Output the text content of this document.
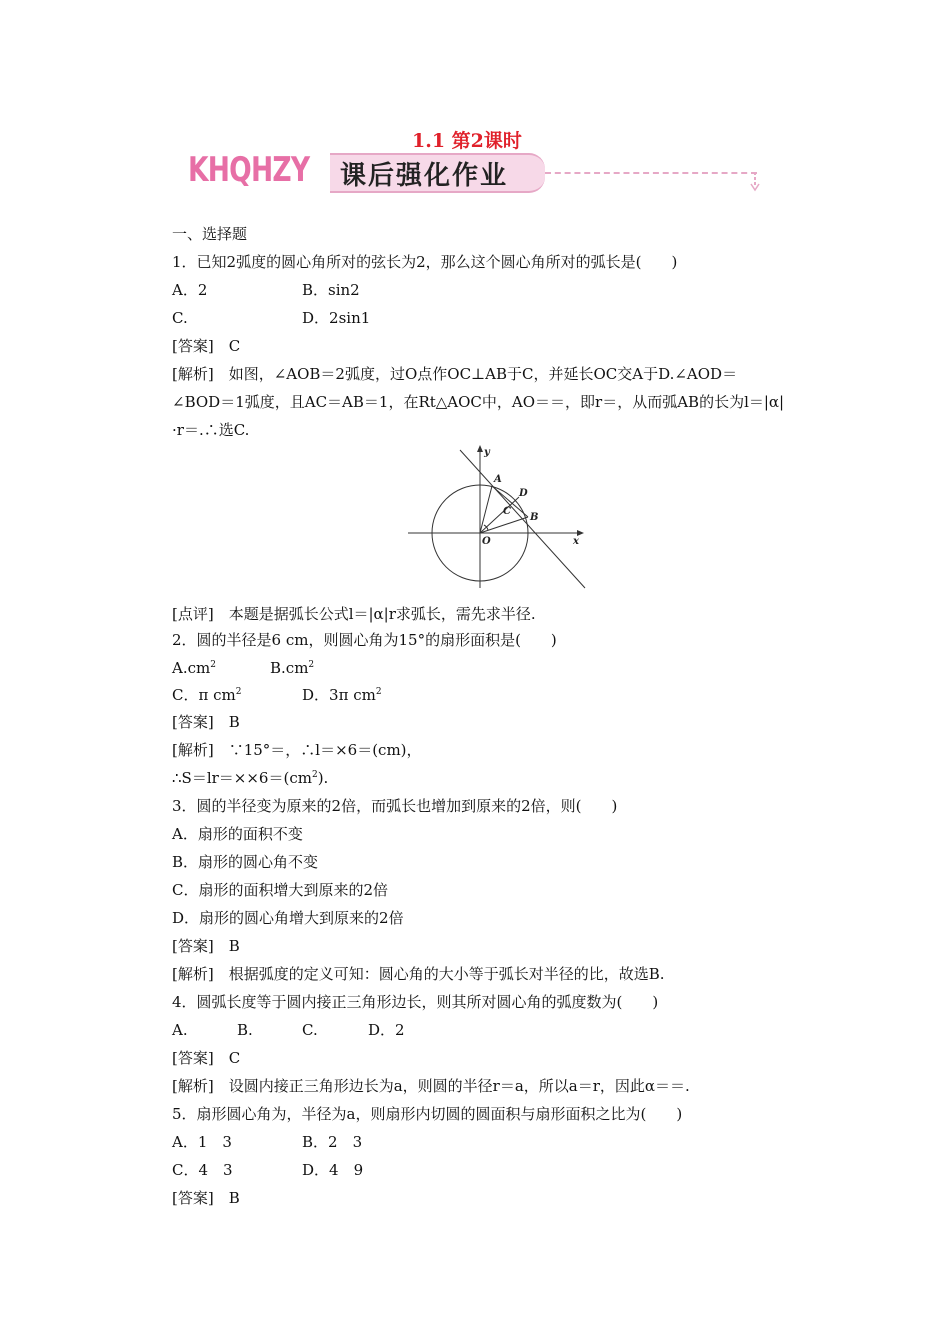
1.1 第2课时
KHQHZY 课后强化作业
一、选择题
1．已知2弧度的圆心角所对的弦长为2，那么这个圆心角所对的弧长是(　　)
A．2	B．sin2
C.	D．2sin1
[答案]　C
[解析]　如图，∠AOB＝2弧度，过O点作OC⊥AB于C，并延长OC交A于D.∠AOD＝
∠BOD＝1弧度，且AC＝AB＝1，在Rt△AOC中，AO＝＝，即r＝，从而弧AB的长为l＝|α|
·r＝.∴选C.
y
x
O
A
B
C
D
[点评]　本题是据弧长公式l＝|α|r求弧长，需先求半径.
2．圆的半径是6 cm，则圆心角为15°的扇形面积是(　　)
$A.cm^2$	$B.cm^2$
C．π $cm^2$	D．3π $cm^2$
[答案]　B
[解析]　∵15°＝，∴l＝×6＝(cm)，
$\therefore S=lr=\times\times 6=(cm^2)$.
3．圆的半径变为原来的2倍，而弧长也增加到原来的2倍，则(　　)
A．扇形的面积不变
B．扇形的圆心角不变
C．扇形的面积增大到原来的2倍
D．扇形的圆心角增大到原来的2倍
[答案]　B
[解析]　根据弧度的定义可知：圆心角的大小等于弧长对半径的比，故选B.
4．圆弧长度等于圆内接正三角形边长，则其所对圆心角的弧度数为(　　)
A.	B.	C.	D．2
[答案]　C
[解析]　设圆内接正三角形边长为a，则圆的半径r＝a，所以a＝r，因此α＝＝.
5．扇形圆心角为，半径为a，则扇形内切圆的圆面积与扇形面积之比为(　　)
A．1　3	B．2　3
C．4　3	D．4　9
[答案]　B
